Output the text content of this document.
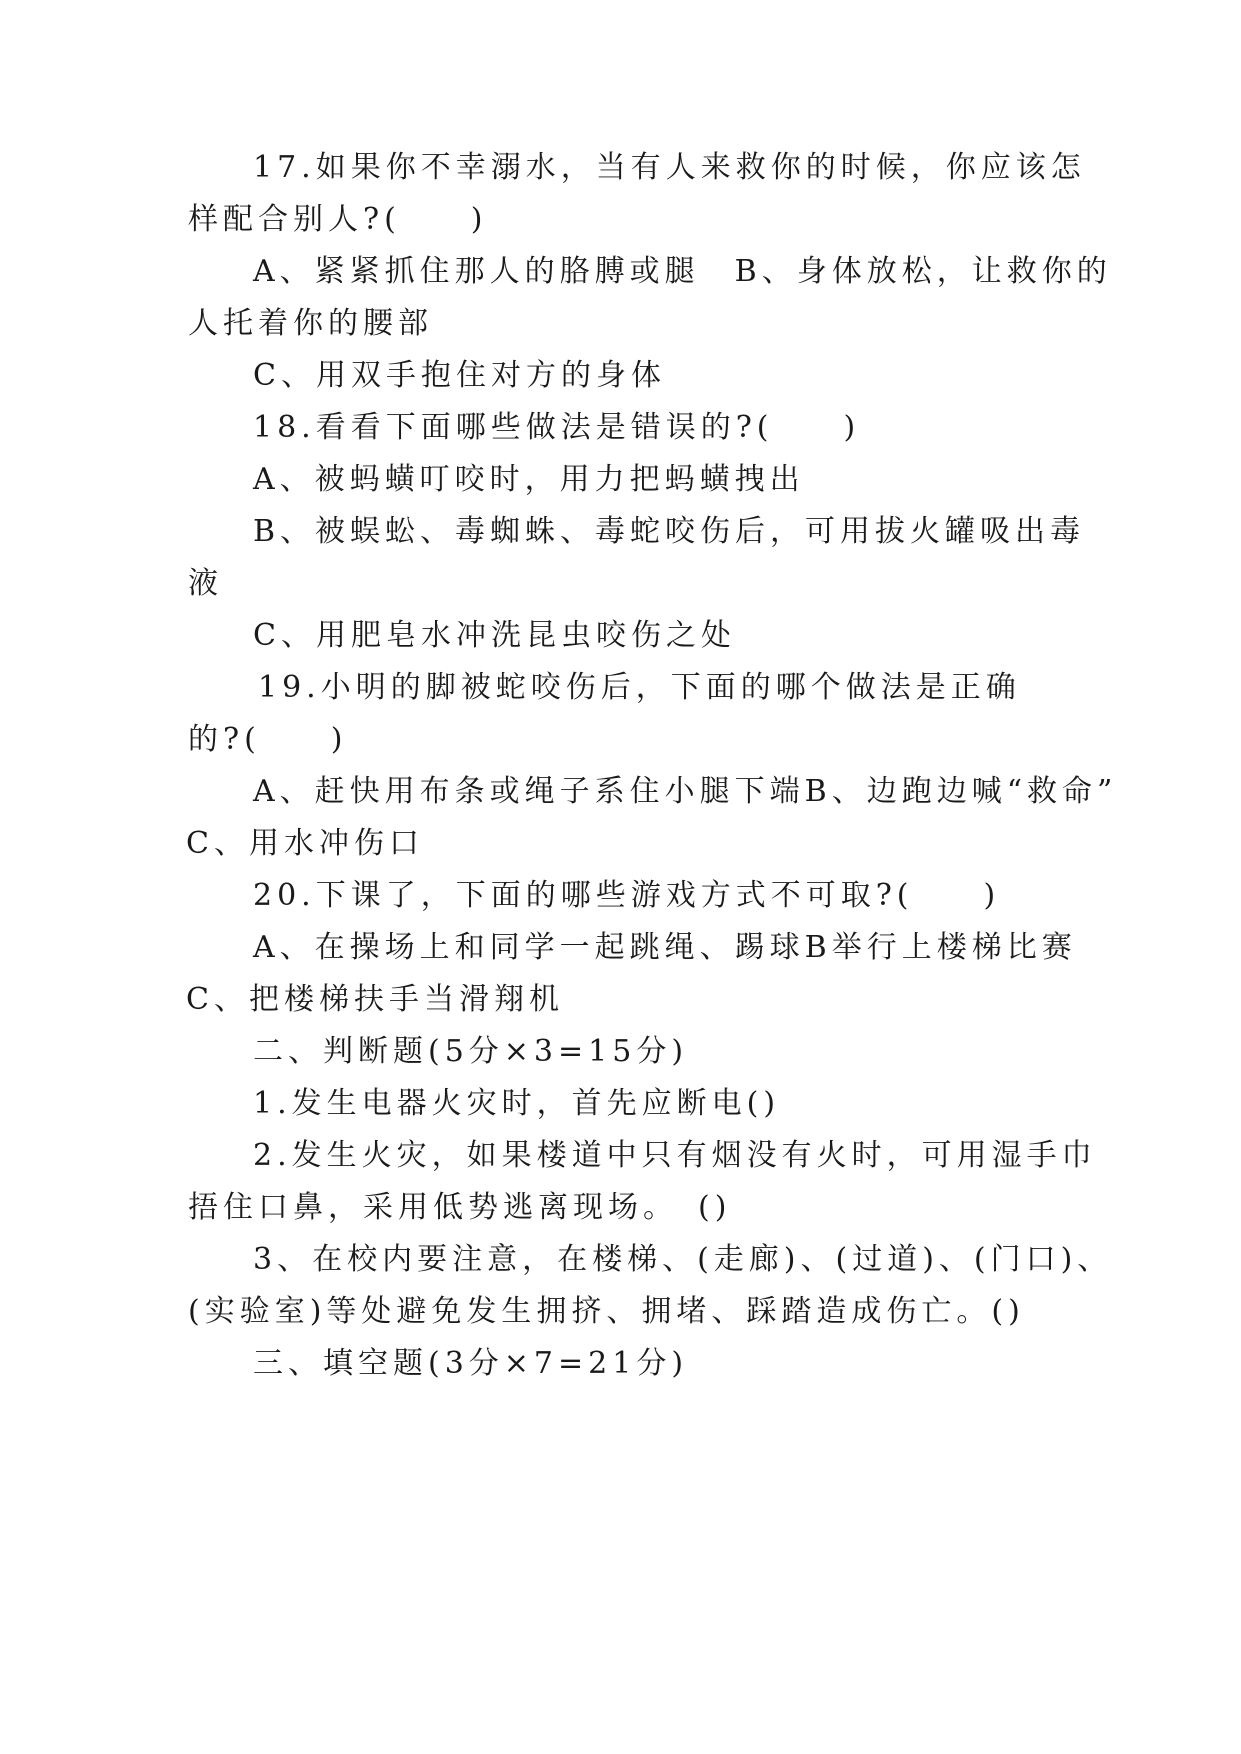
17.如果你不幸溺水，当有人来救你的时候，你应该怎
样配合别人?(　　)
A、紧紧抓住那人的胳膊或腿　B、身体放松，让救你的
人托着你的腰部
C、用双手抱住对方的身体
18.看看下面哪些做法是错误的?(　　)
A、被蚂蟥叮咬时，用力把蚂蟥拽出
B、被蜈蚣、毒蜘蛛、毒蛇咬伤后，可用拔火罐吸出毒
液
C、用肥皂水冲洗昆虫咬伤之处
19.小明的脚被蛇咬伤后，下面的哪个做法是正确
的?(　　)
A、赶快用布条或绳子系住小腿下端B、边跑边喊“救命”
C、用水冲伤口
20.下课了，下面的哪些游戏方式不可取?(　　)
A、在操场上和同学一起跳绳、踢球B举行上楼梯比赛
C、把楼梯扶手当滑翔机
二、判断题(5分×3=15分)
1.发生电器火灾时，首先应断电()
2.发生火灾，如果楼道中只有烟没有火时，可用湿手巾
捂住口鼻，采用低势逃离现场。　()
3、在校内要注意，在楼梯、(走廊)、(过道)、(门口)、
(实验室)等处避免发生拥挤、拥堵、踩踏造成伤亡。()
三、填空题(3分×7=21分)
